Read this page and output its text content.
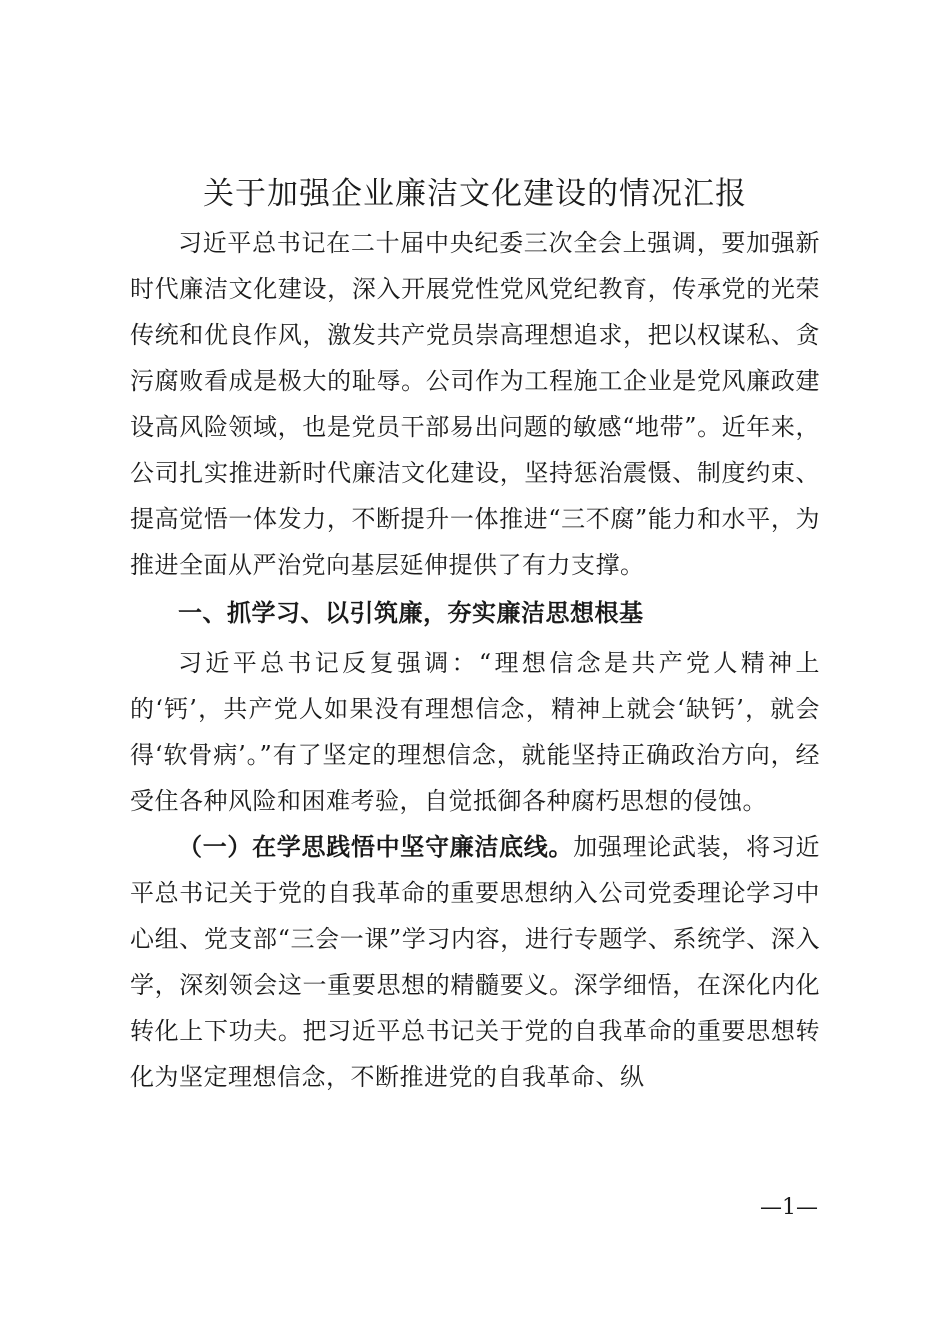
关于加强企业廉洁文化建设的情况汇报

习近平总书记在二十届中央纪委三次全会上强调，要加强新时代廉洁文化建设，深入开展党性党风党纪教育，传承党的光荣传统和优良作风，激发共产党员崇高理想追求，把以权谋私、贪污腐败看成是极大的耻辱。公司作为工程施工企业是党风廉政建设高风险领域，也是党员干部易出问题的敏感“地带”。近年来，公司扎实推进新时代廉洁文化建设，坚持惩治震慑、制度约束、提高觉悟一体发力，不断提升一体推进“三不腐”能力和水平，为推进全面从严治党向基层延伸提供了有力支撑。

一、抓学习、以引筑廉，夯实廉洁思想根基

习近平总书记反复强调：“理想信念是共产党人精神上的‘钙’，共产党人如果没有理想信念，精神上就会‘缺钙’，就会得‘软骨病’。”有了坚定的理想信念，就能坚持正确政治方向，经受住各种风险和困难考验，自觉抵御各种腐朽思想的侵蚀。

（一）在学思践悟中坚守廉洁底线。加强理论武装，将习近平总书记关于党的自我革命的重要思想纳入公司党委理论学习中心组、党支部“三会一课”学习内容，进行专题学、系统学、深入学，深刻领会这一重要思想的精髓要义。深学细悟，在深化内化转化上下功夫。把习近平总书记关于党的自我革命的重要思想转化为坚定理想信念，不断推进党的自我革命、纵

—1—
